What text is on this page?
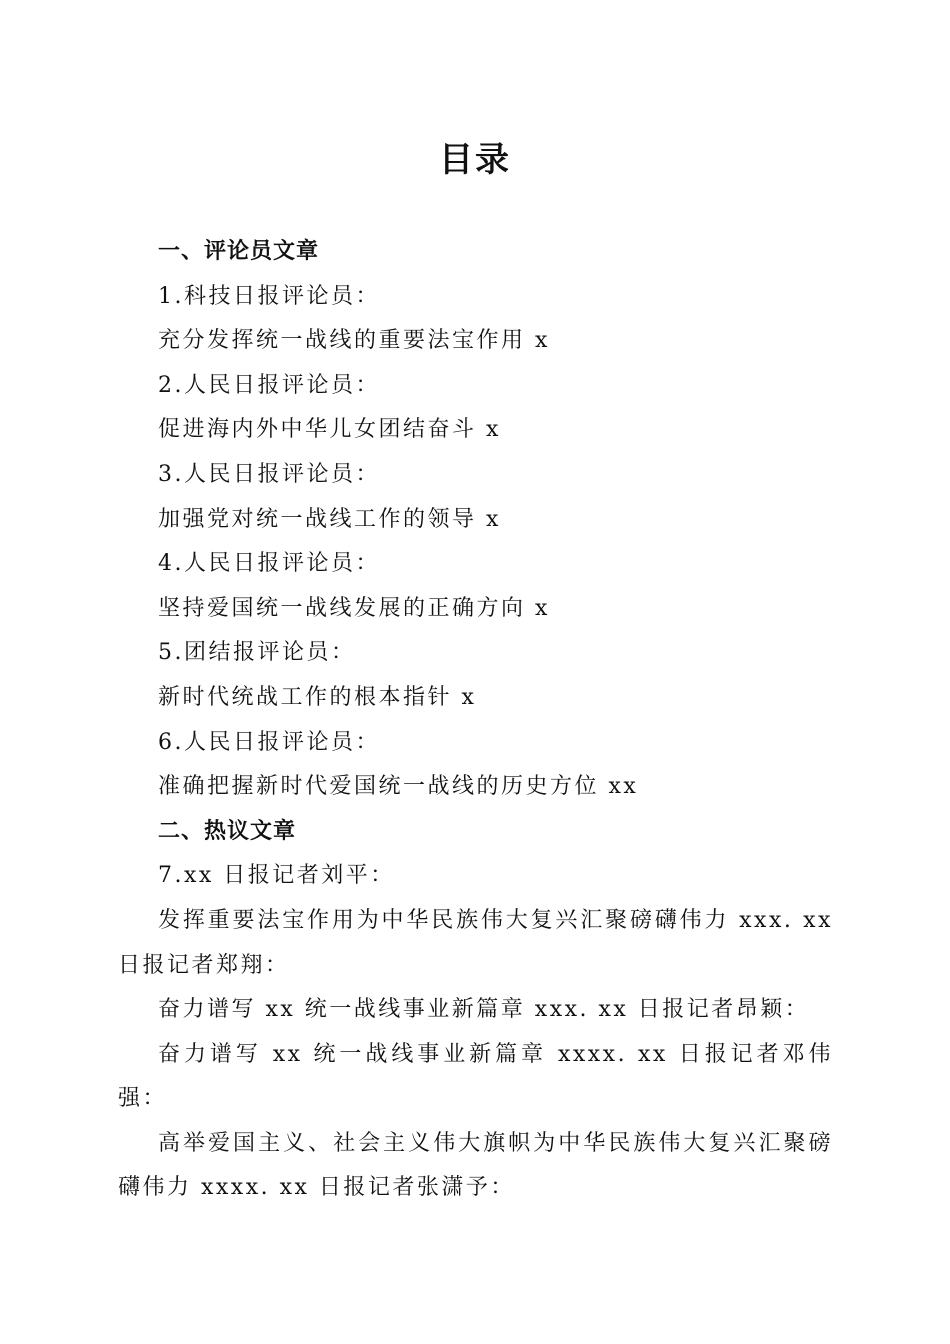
目录
一、评论员文章
1.科技日报评论员：
充分发挥统一战线的重要法宝作用 x
2.人民日报评论员：
促进海内外中华儿女团结奋斗 x
3.人民日报评论员：
加强党对统一战线工作的领导 x
4.人民日报评论员：
坚持爱国统一战线发展的正确方向 x
5.团结报评论员：
新时代统战工作的根本指针 x
6.人民日报评论员：
准确把握新时代爱国统一战线的历史方位 xx
二、热议文章
7.xx 日报记者刘平：
发挥重要法宝作用为中华民族伟大复兴汇聚磅礴伟力 xxx. xx 日报记者郑翔：
奋力谱写 xx 统一战线事业新篇章 xxx. xx 日报记者昂颖：
奋力谱写 xx 统一战线事业新篇章 xxxx. xx 日报记者邓伟强：
高举爱国主义、社会主义伟大旗帜为中华民族伟大复兴汇聚磅礴伟力 xxxx. xx 日报记者张潇予：
